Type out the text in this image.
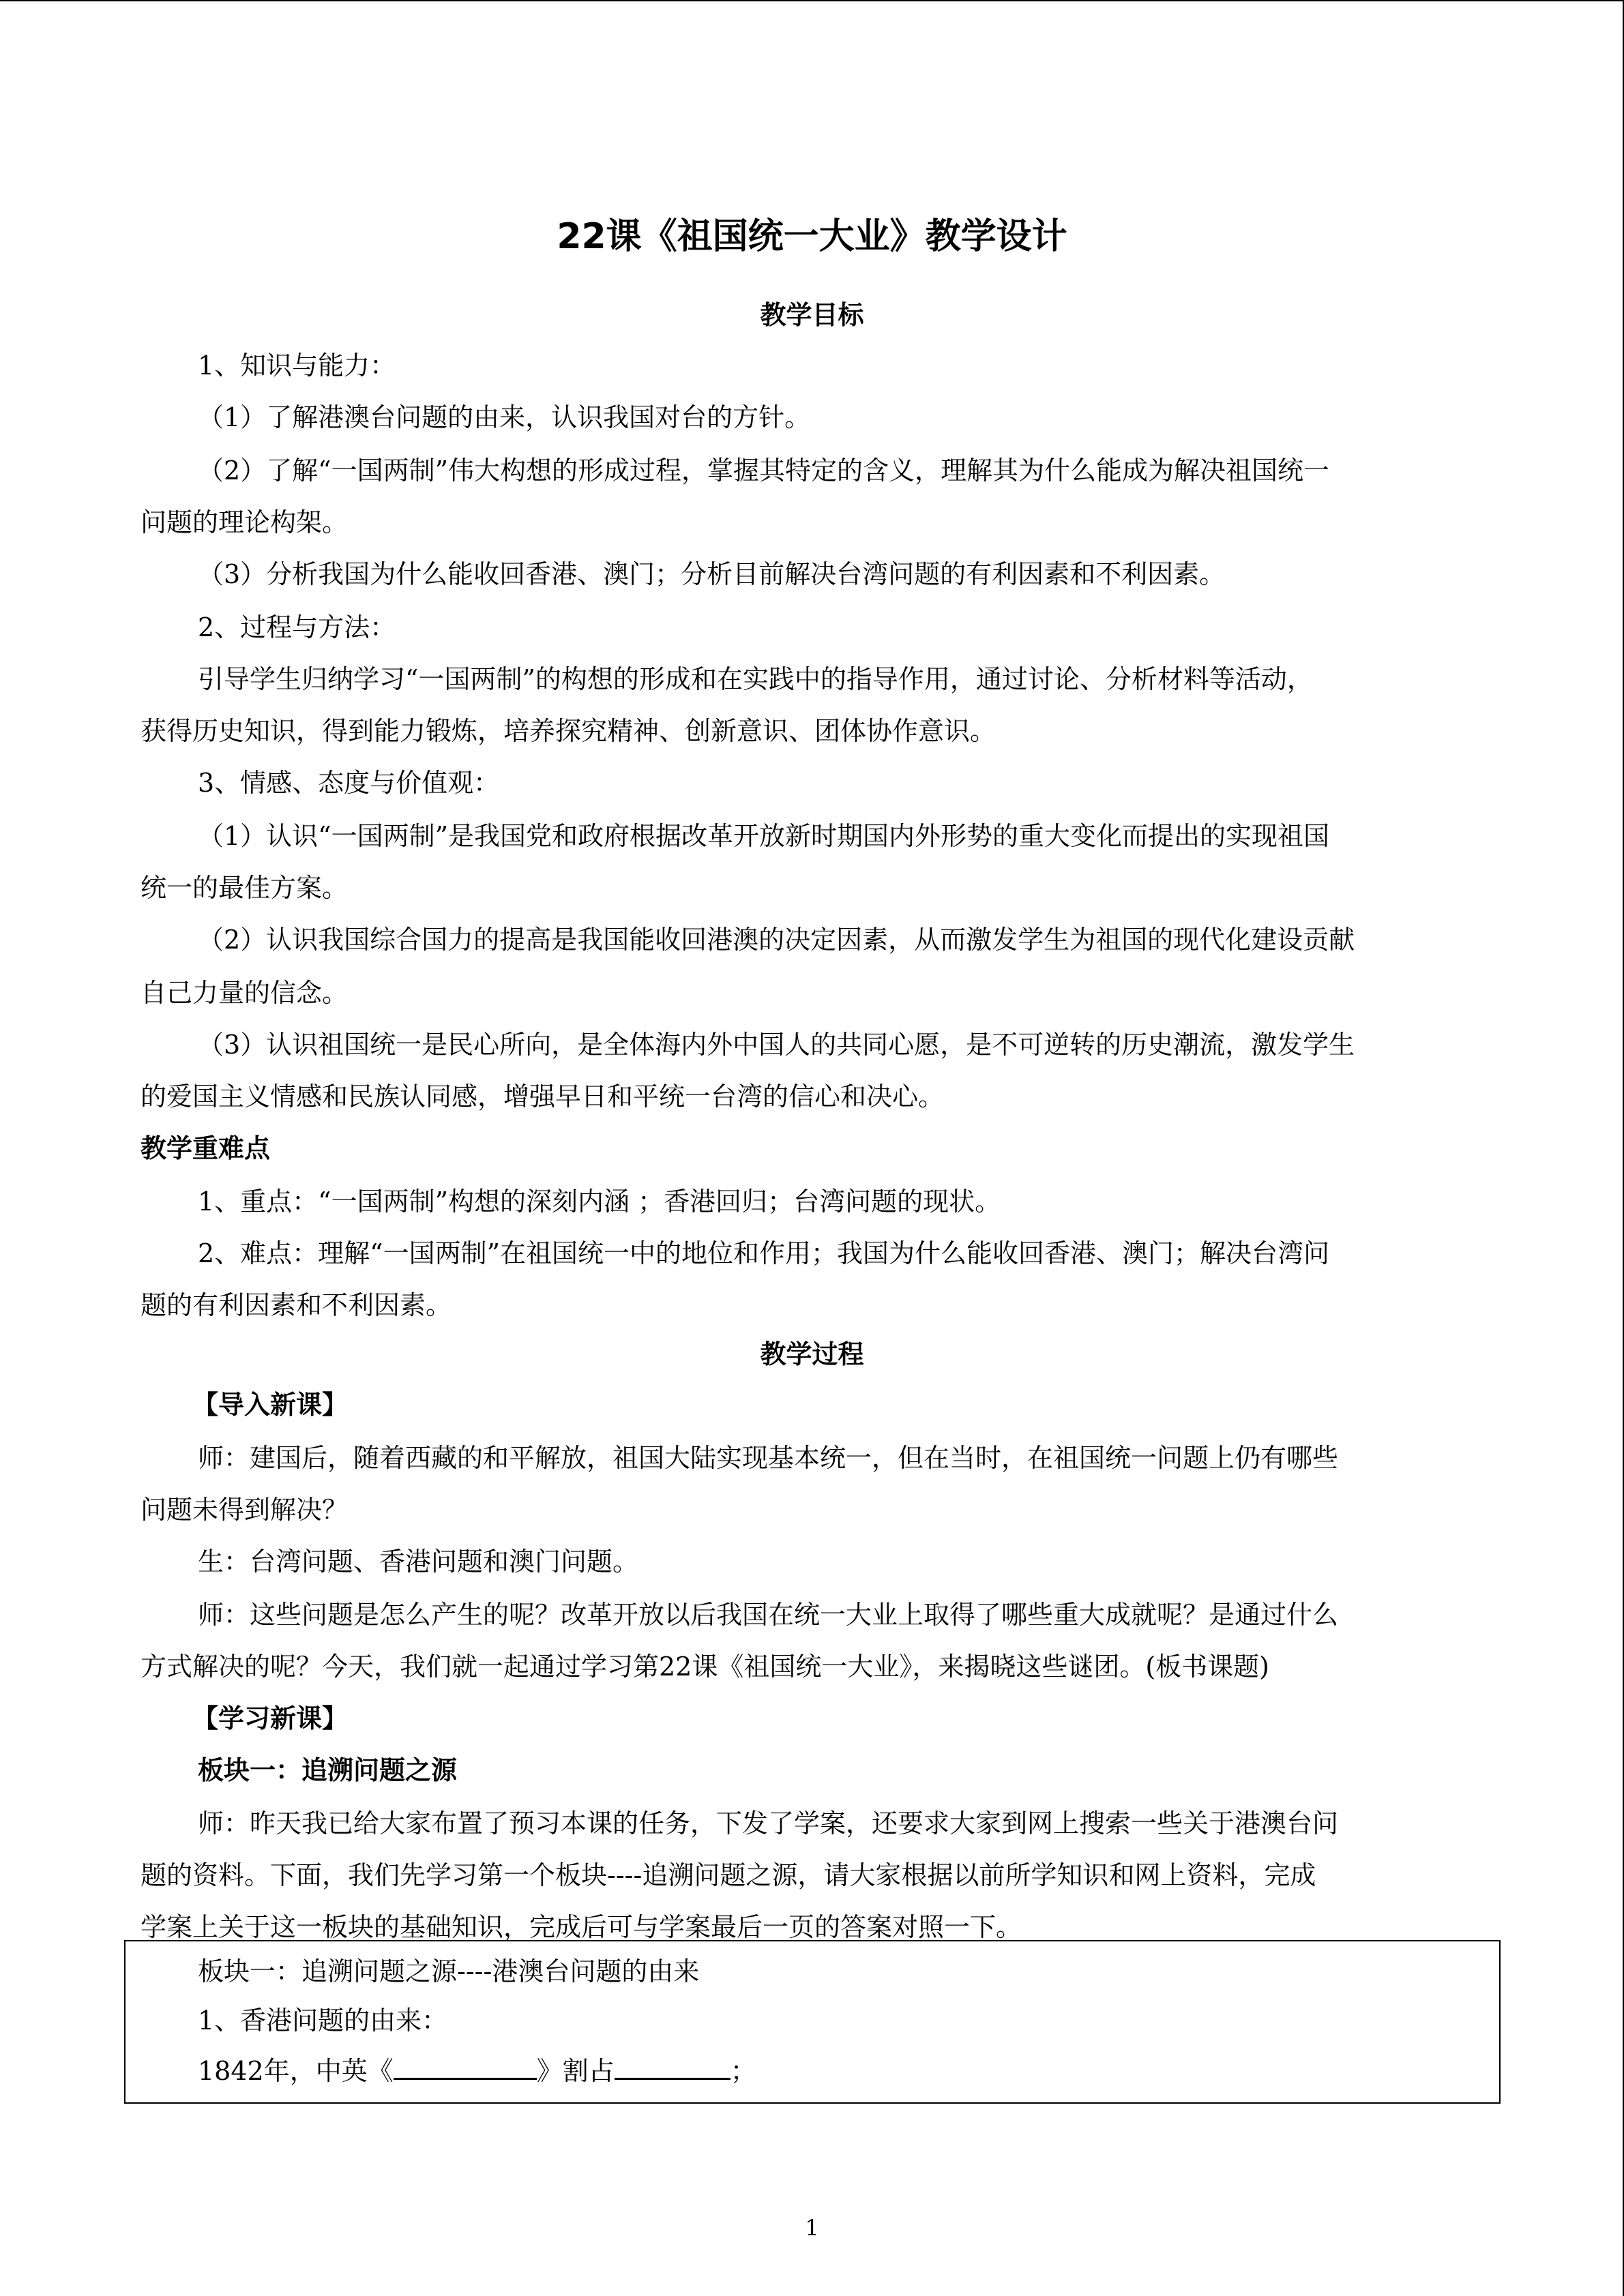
22课《祖国统一大业》教学设计
教学目标
1、知识与能力：
（1）了解港澳台问题的由来，认识我国对台的方针。
（2）了解“一国两制”伟大构想的形成过程，掌握其特定的含义，理解其为什么能成为解决祖国统一
问题的理论构架。
（3）分析我国为什么能收回香港、澳门；分析目前解决台湾问题的有利因素和不利因素。
2、过程与方法：
引导学生归纳学习“一国两制”的构想的形成和在实践中的指导作用，通过讨论、分析材料等活动，
获得历史知识，得到能力锻炼，培养探究精神、创新意识、团体协作意识。
3、情感、态度与价值观：
（1）认识“一国两制”是我国党和政府根据改革开放新时期国内外形势的重大变化而提出的实现祖国
统一的最佳方案。
（2）认识我国综合国力的提高是我国能收回港澳的决定因素，从而激发学生为祖国的现代化建设贡献
自己力量的信念。
（3）认识祖国统一是民心所向，是全体海内外中国人的共同心愿，是不可逆转的历史潮流，激发学生
的爱国主义情感和民族认同感，增强早日和平统一台湾的信心和决心。
教学重难点
1、重点：“一国两制”构想的深刻内涵 ；香港回归；台湾问题的现状。
2、难点：理解“一国两制”在祖国统一中的地位和作用；我国为什么能收回香港、澳门；解决台湾问
题的有利因素和不利因素。
教学过程
【导入新课】
师：建国后，随着西藏的和平解放，祖国大陆实现基本统一，但在当时，在祖国统一问题上仍有哪些
问题未得到解决？
生：台湾问题、香港问题和澳门问题。
师：这些问题是怎么产生的呢？改革开放以后我国在统一大业上取得了哪些重大成就呢？是通过什么
方式解决的呢？今天，我们就一起通过学习第22课《祖国统一大业》，来揭晓这些谜团。(板书课题)
【学习新课】
板块一：追溯问题之源
师：昨天我已给大家布置了预习本课的任务，下发了学案，还要求大家到网上搜索一些关于港澳台问
题的资料。下面，我们先学习第一个板块----追溯问题之源，请大家根据以前所学知识和网上资料，完成
学案上关于这一板块的基础知识，完成后可与学案最后一页的答案对照一下。
板块一：追溯问题之源----港澳台问题的由来
1、香港问题的由来：
1842年，中英《	》割占	；
1
